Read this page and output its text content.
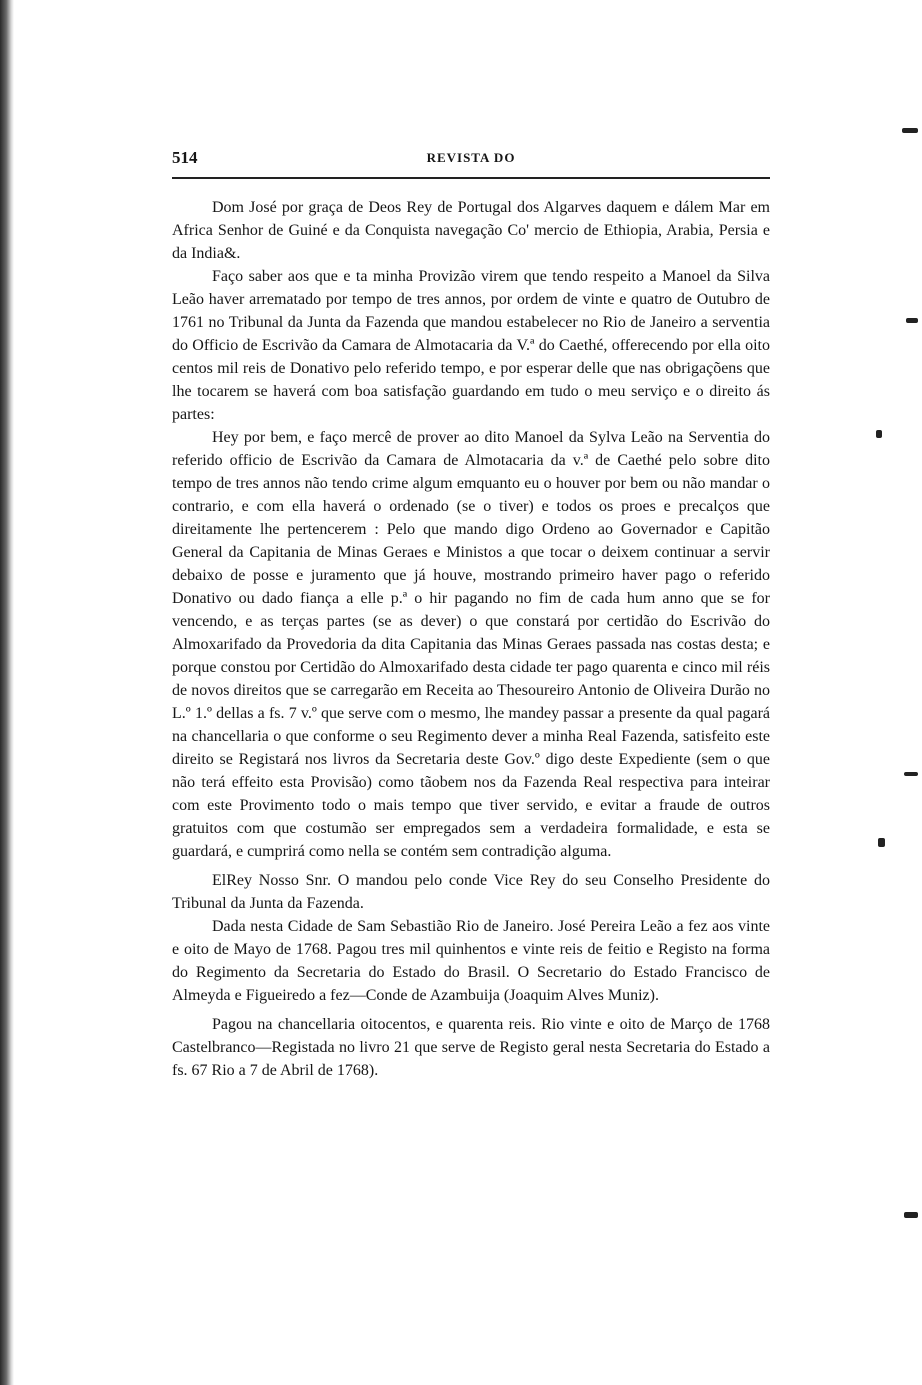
514	REVISTA DO

Dom José por graça de Deos Rey de Portugal dos Algarves daquem e dálem Mar em Africa Senhor de Guiné e da Conquista navegação Co' mercio de Ethiopia, Arabia, Persia e da India&.

Faço saber aos que e ta minha Provizão virem que tendo respeito a Manoel da Silva Leão haver arrematado por tempo de tres annos, por ordem de vinte e quatro de Outubro de 1761 no Tribunal da Junta da Fazenda que mandou estabelecer no Rio de Janeiro a serventia do Officio de Escrivão da Camara de Almotacaria da V.ª do Caethé, offerecendo por ella oito centos mil reis de Donativo pelo referido tempo, e por esperar delle que nas obrigaçõens que lhe tocarem se haverá com boa satisfação guardando em tudo o meu serviço e o direito ás partes:

Hey por bem, e faço mercê de prover ao dito Manoel da Sylva Leão na Serventia do referido officio de Escrivão da Camara de Almotacaria da v.ª de Caethé pelo sobre dito tempo de tres annos não tendo crime algum emquanto eu o houver por bem ou não mandar o contrario, e com ella haverá o ordenado (se o tiver) e todos os proes e precalços que direitamente lhe pertencerem : Pelo que mando digo Ordeno ao Governador e Capitão General da Capitania de Minas Geraes e Ministos a que tocar o deixem continuar a servir debaixo de posse e juramento que já houve, mostrando primeiro haver pago o referido Donativo ou dado fiança a elle p.ª o hir pagando no fim de cada hum anno que se for vencendo, e as terças partes (se as dever) o que constará por certidão do Escrivão do Almoxarifado da Provedoria da dita Capitania das Minas Geraes passada nas costas desta; e porque constou por Certidão do Almoxarifado desta cidade ter pago quarenta e cinco mil réis de novos direitos que se carregarão em Receita ao Thesoureiro Antonio de Oliveira Durão no L.º 1.º dellas a fs. 7 v.º que serve com o mesmo, lhe mandey passar a presente da qual pagará na chancellaria o que conforme o seu Regimento dever a minha Real Fazenda, satisfeito este direito se Registará nos livros da Secretaria deste Gov.º digo deste Expediente (sem o que não terá effeito esta Provisão) como tãobem nos da Fazenda Real respectiva para inteirar com este Provimento todo o mais tempo que tiver servido, e evitar a fraude de outros gratuitos com que costumão ser empregados sem a verdadeira formalidade, e esta se guardará, e cumprirá como nella se contém sem contradição alguma.

ElRey Nosso Snr. O mandou pelo conde Vice Rey do seu Conselho Presidente do Tribunal da Junta da Fazenda.

Dada nesta Cidade de Sam Sebastião Rio de Janeiro. José Pereira Leão a fez aos vinte e oito de Mayo de 1768. Pagou tres mil quinhentos e vinte reis de feitio e Registo na forma do Regimento da Secretaria do Estado do Brasil. O Secretario do Estado Francisco de Almeyda e Figueiredo a fez—Conde de Azambuija (Joaquim Alves Muniz).

Pagou na chancellaria oitocentos, e quarenta reis. Rio vinte e oito de Março de 1768 Castelbranco—Registada no livro 21 que serve de Registo geral nesta Secretaria do Estado a fs. 67 Rio a 7 de Abril de 1768).
